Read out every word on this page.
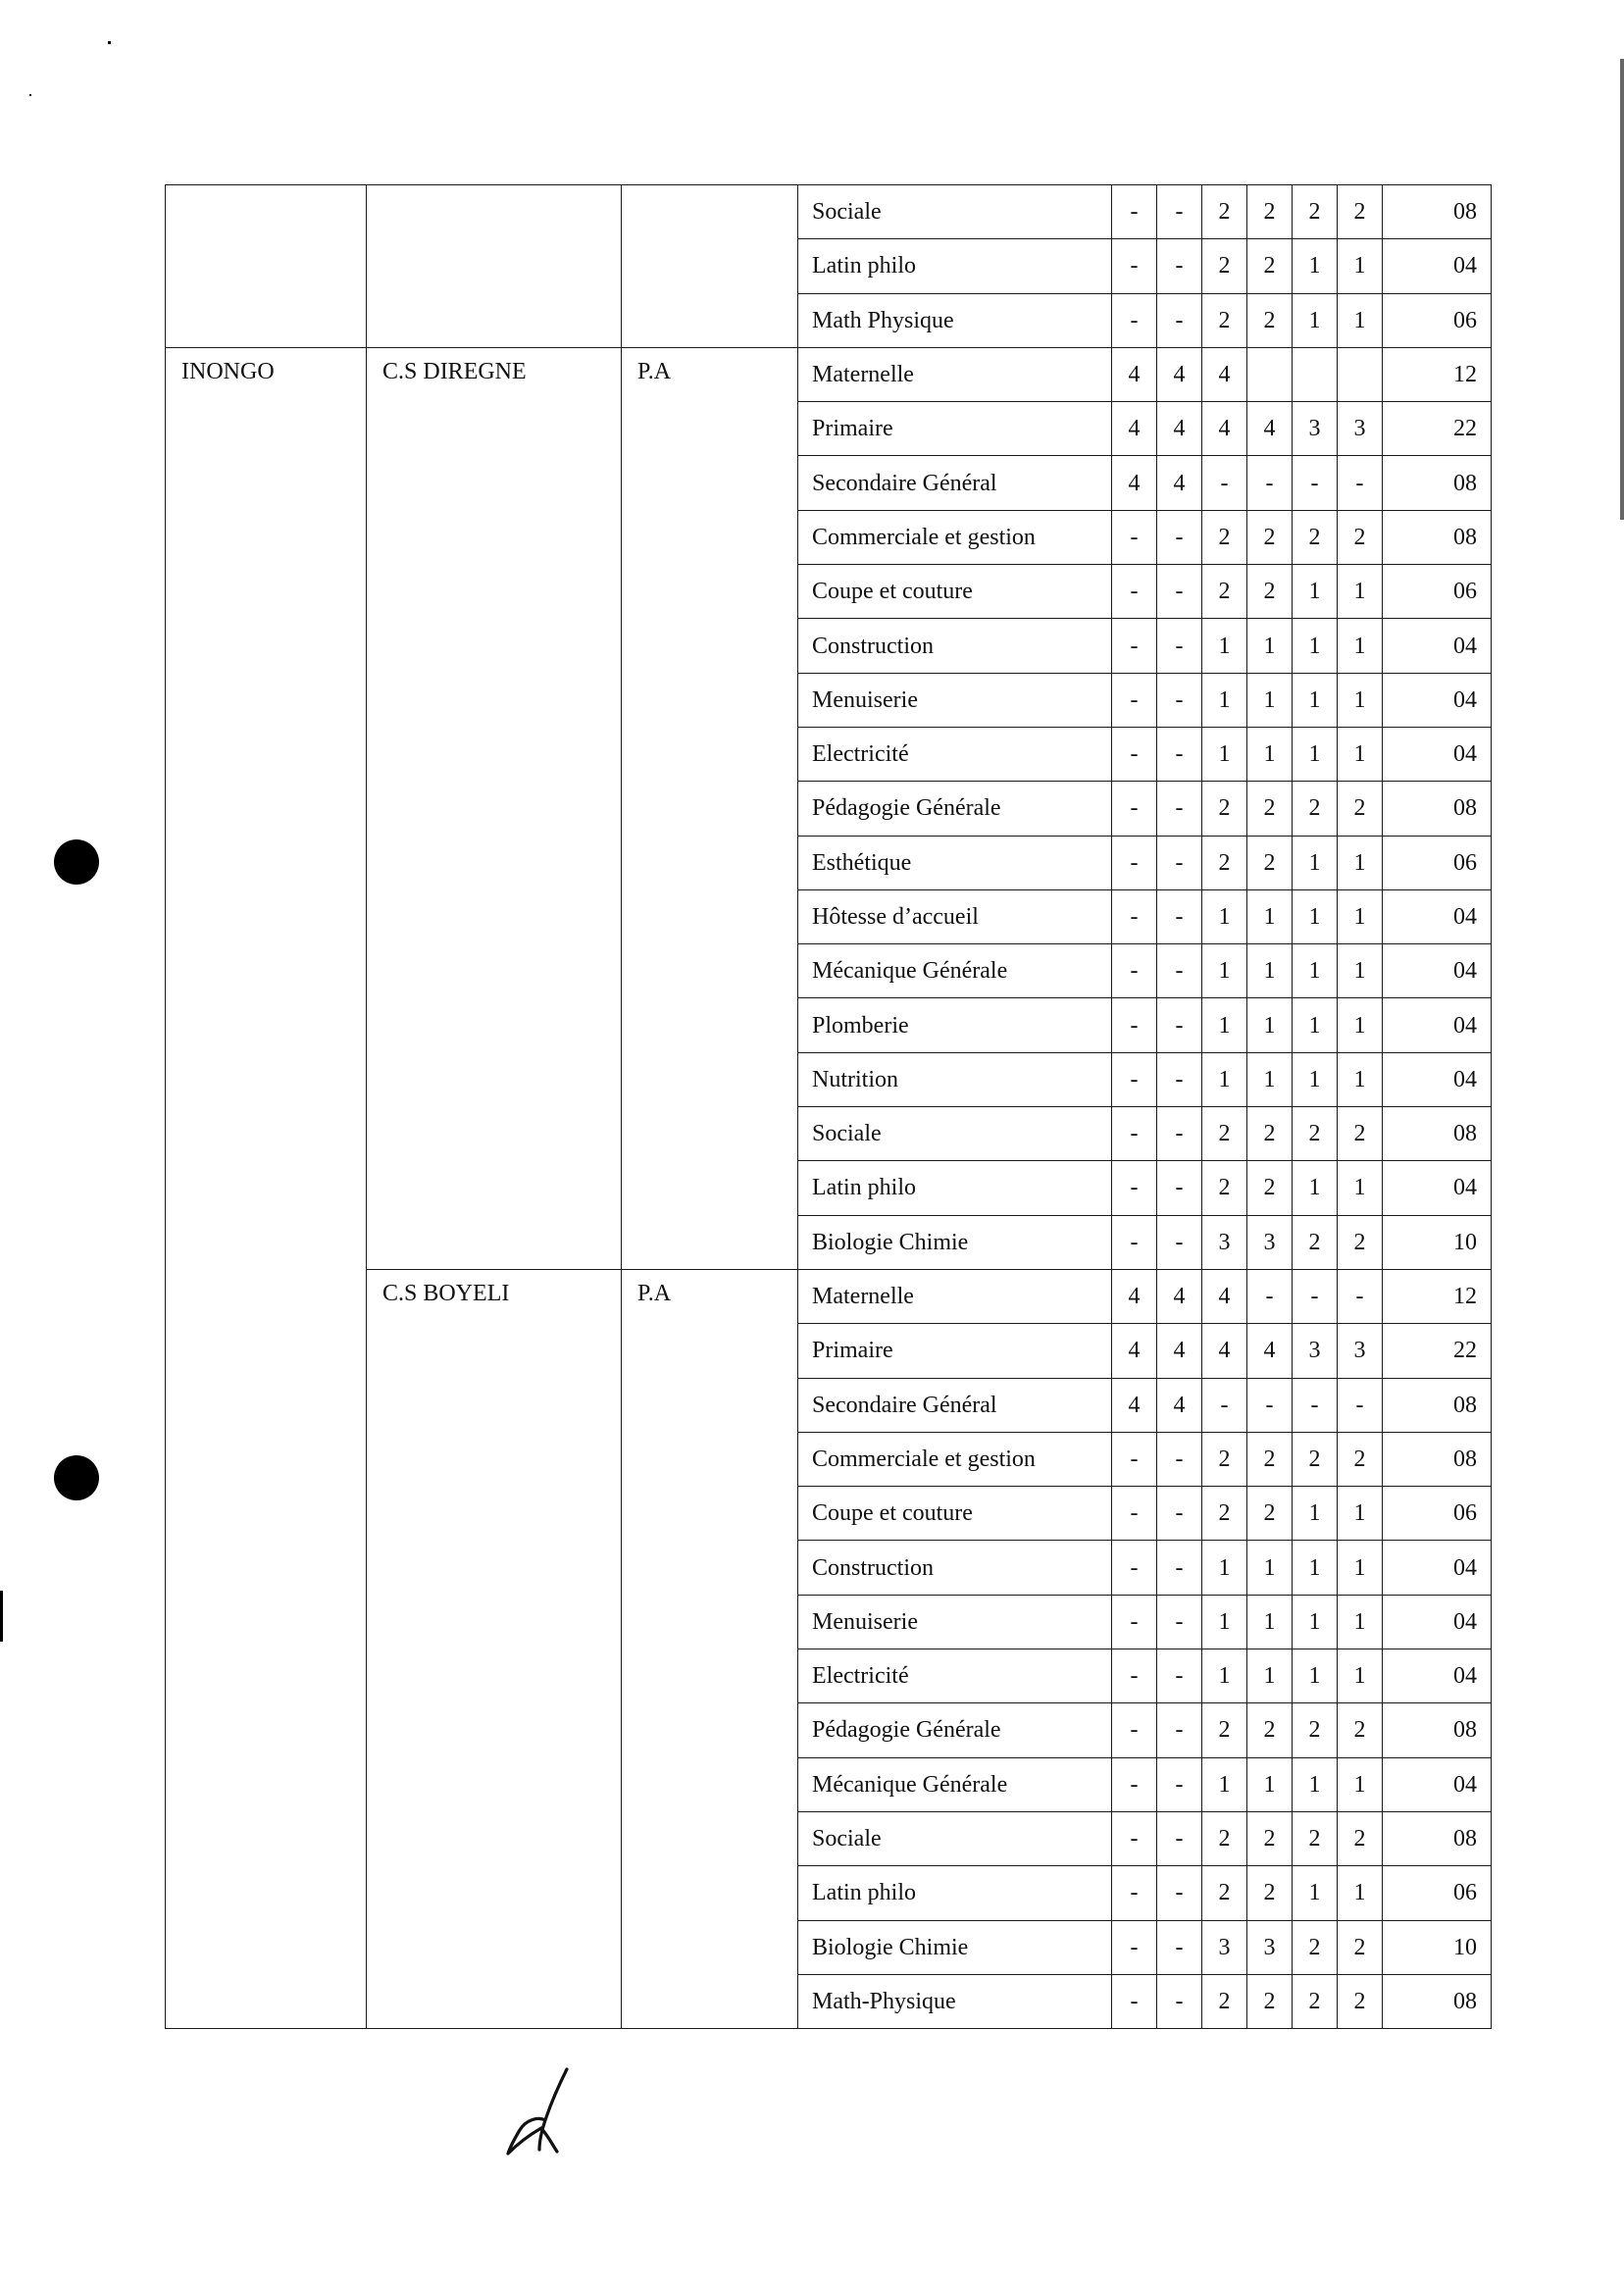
			Sociale	-	-	2	2	2	2	08
			Latin philo	-	-	2	2	1	1	04
			Math Physique	-	-	2	2	1	1	06
INONGO	C.S DIREGNE	P.A	Maternelle	4	4	4				12
			Primaire	4	4	4	4	3	3	22
			Secondaire Général	4	4	-	-	-	-	08
			Commerciale et gestion	-	-	2	2	2	2	08
			Coupe et couture	-	-	2	2	1	1	06
			Construction	-	-	1	1	1	1	04
			Menuiserie	-	-	1	1	1	1	04
			Electricité	-	-	1	1	1	1	04
			Pédagogie Générale	-	-	2	2	2	2	08
			Esthétique	-	-	2	2	1	1	06
			Hôtesse d’accueil	-	-	1	1	1	1	04
			Mécanique Générale	-	-	1	1	1	1	04
			Plomberie	-	-	1	1	1	1	04
			Nutrition	-	-	1	1	1	1	04
			Sociale	-	-	2	2	2	2	08
			Latin philo	-	-	2	2	1	1	04
			Biologie Chimie	-	-	3	3	2	2	10
	C.S BOYELI	P.A	Maternelle	4	4	4	-	-	-	12
			Primaire	4	4	4	4	3	3	22
			Secondaire Général	4	4	-	-	-	-	08
			Commerciale et gestion	-	-	2	2	2	2	08
			Coupe et couture	-	-	2	2	1	1	06
			Construction	-	-	1	1	1	1	04
			Menuiserie	-	-	1	1	1	1	04
			Electricité	-	-	1	1	1	1	04
			Pédagogie Générale	-	-	2	2	2	2	08
			Mécanique Générale	-	-	1	1	1	1	04
			Sociale	-	-	2	2	2	2	08
			Latin philo	-	-	2	2	1	1	06
			Biologie Chimie	-	-	3	3	2	2	10
			Math-Physique	-	-	2	2	2	2	08
